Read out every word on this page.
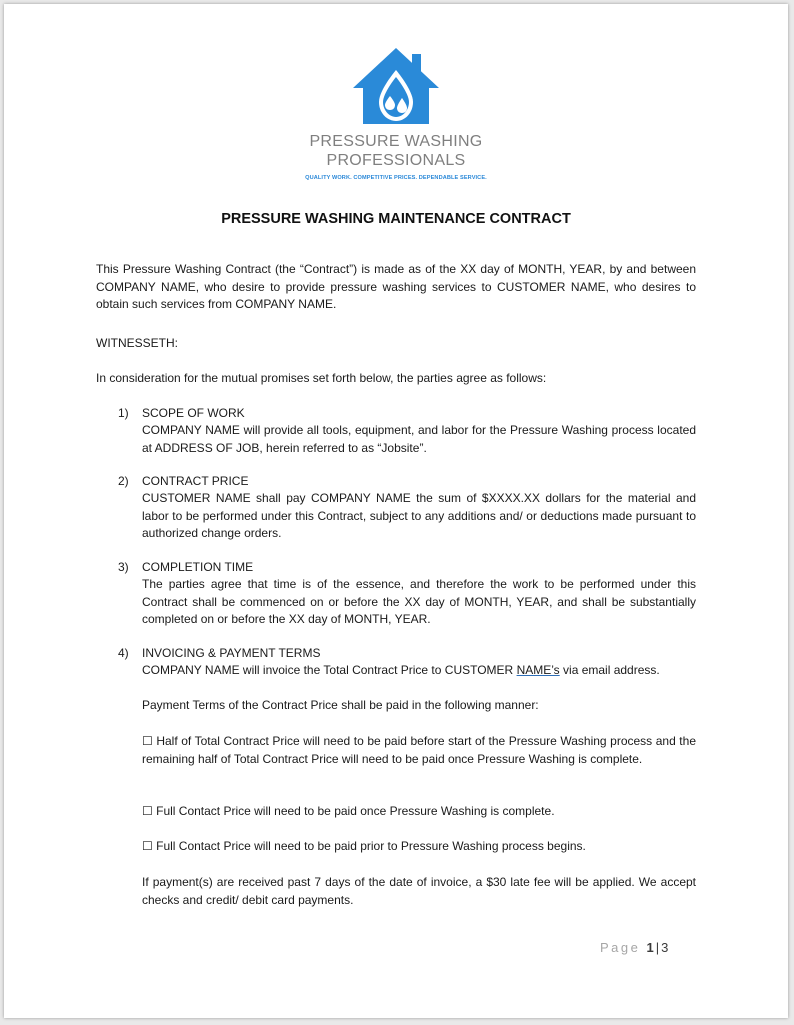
PRESSURE WASHING
PROFESSIONALS
QUALITY WORK. COMPETITIVE PRICES. DEPENDABLE SERVICE.
PRESSURE WASHING MAINTENANCE CONTRACT
This Pressure Washing Contract (the “Contract”) is made as of the XX day of MONTH, YEAR, by and between COMPANY NAME, who desire to provide pressure washing services to CUSTOMER NAME, who desires to obtain such services from COMPANY NAME.
WITNESSETH:
In consideration for the mutual promises set forth below, the parties agree as follows:
1) SCOPE OF WORK
COMPANY NAME will provide all tools, equipment, and labor for the Pressure Washing process located at ADDRESS OF JOB, herein referred to as “Jobsite”.
2) CONTRACT PRICE
CUSTOMER NAME shall pay COMPANY NAME the sum of $XXXX.XX dollars for the material and labor to be performed under this Contract, subject to any additions and/ or deductions made pursuant to authorized change orders.
3) COMPLETION TIME
The parties agree that time is of the essence, and therefore the work to be performed under this Contract shall be commenced on or before the XX day of MONTH, YEAR, and shall be substantially completed on or before the XX day of MONTH, YEAR.
4) INVOICING & PAYMENT TERMS
COMPANY NAME will invoice the Total Contract Price to CUSTOMER NAME’s via email address.
Payment Terms of the Contract Price shall be paid in the following manner:
☐ Half of Total Contract Price will need to be paid before start of the Pressure Washing process and the remaining half of Total Contract Price will need to be paid once Pressure Washing is complete.
☐ Full Contact Price will need to be paid once Pressure Washing is complete.
☐ Full Contact Price will need to be paid prior to Pressure Washing process begins.
If payment(s) are received past 7 days of the date of invoice, a $30 late fee will be applied. We accept checks and credit/ debit card payments.
Page 1 | 3
